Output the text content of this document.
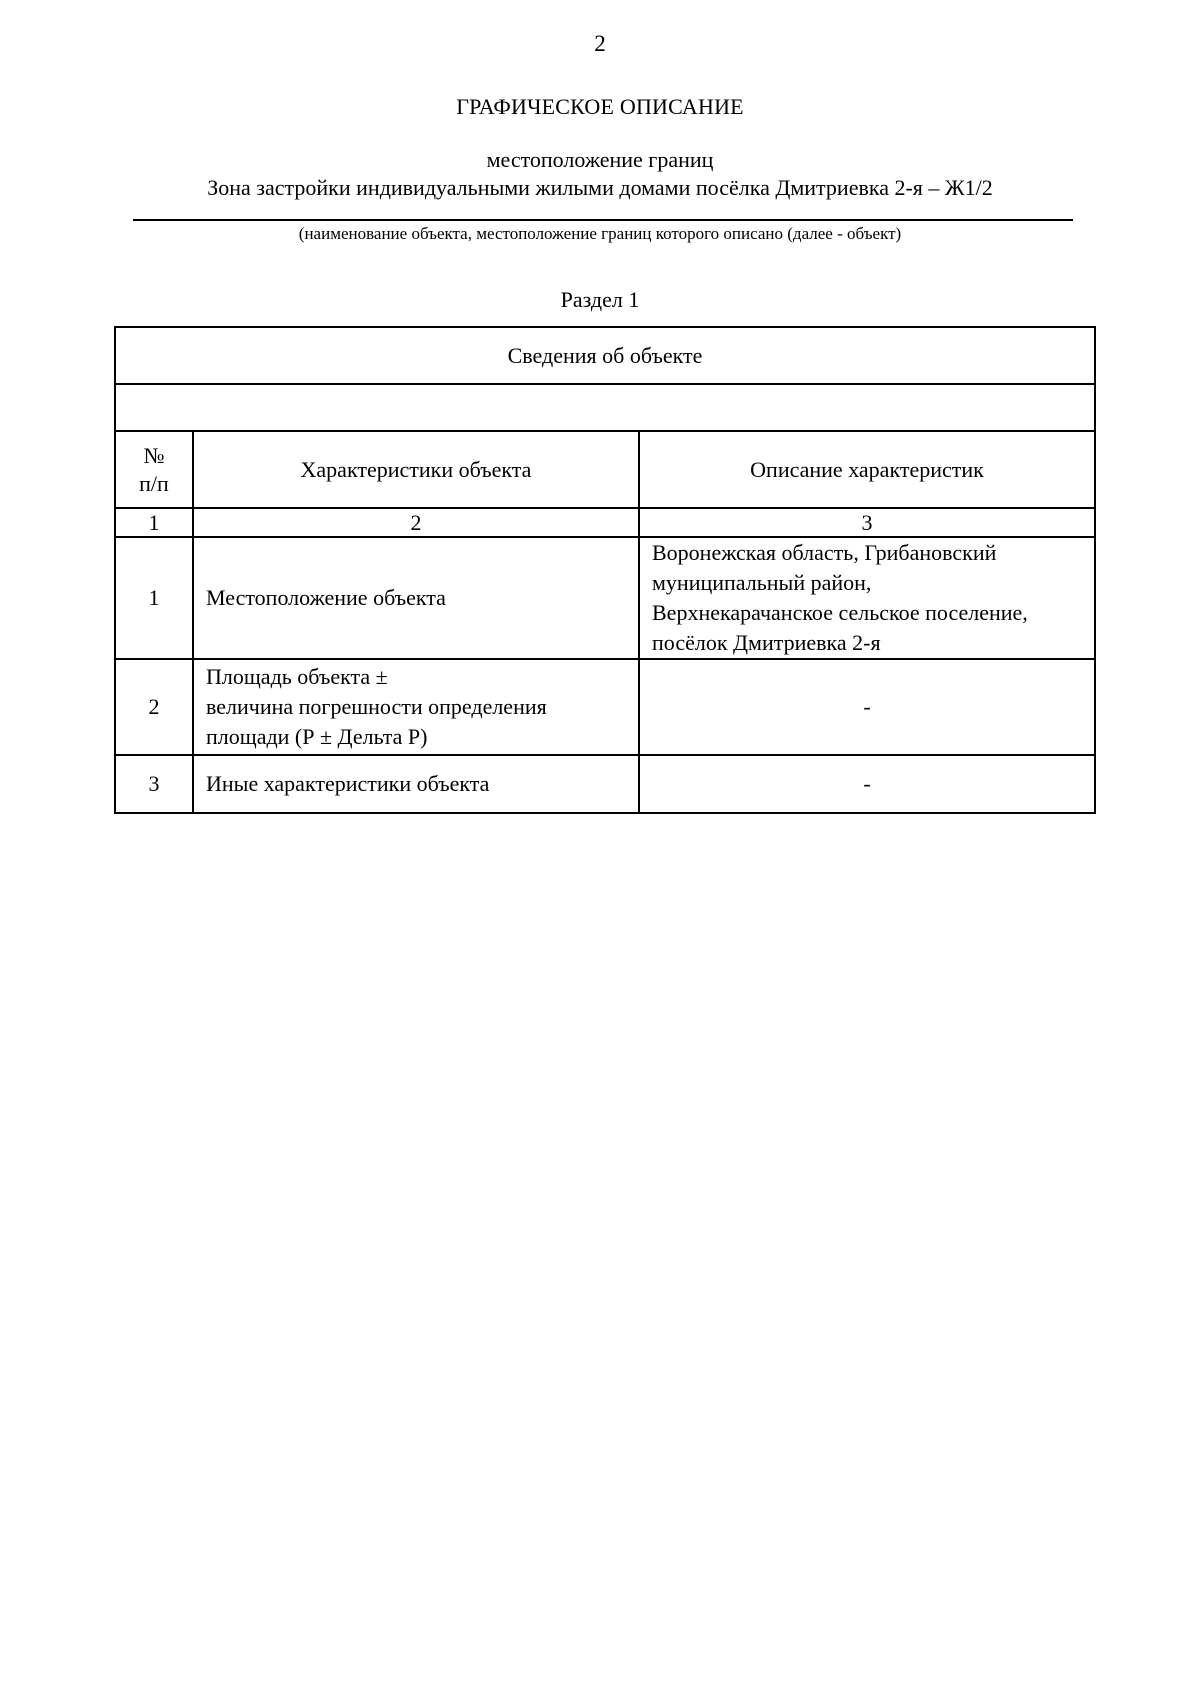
2
ГРАФИЧЕСКОЕ ОПИСАНИЕ
местоположение границ
Зона застройки индивидуальными жилыми домами посёлка Дмитриевка 2-я – Ж1/2
(наименование объекта, местоположение границ которого описано (далее - объект)
Раздел 1
Сведения об объекте		

№
п/п	Характеристики объекта	Описание характеристик
1	2	3
1	Местоположение объекта	Воронежская область, Грибановский
муниципальный район,
Верхнекарачанское сельское поселение,
посёлок Дмитриевка 2-я
2	Площадь объекта ±
величина погрешности определения
площади (Р ± Дельта Р)	-
3	Иные характеристики объекта	-
